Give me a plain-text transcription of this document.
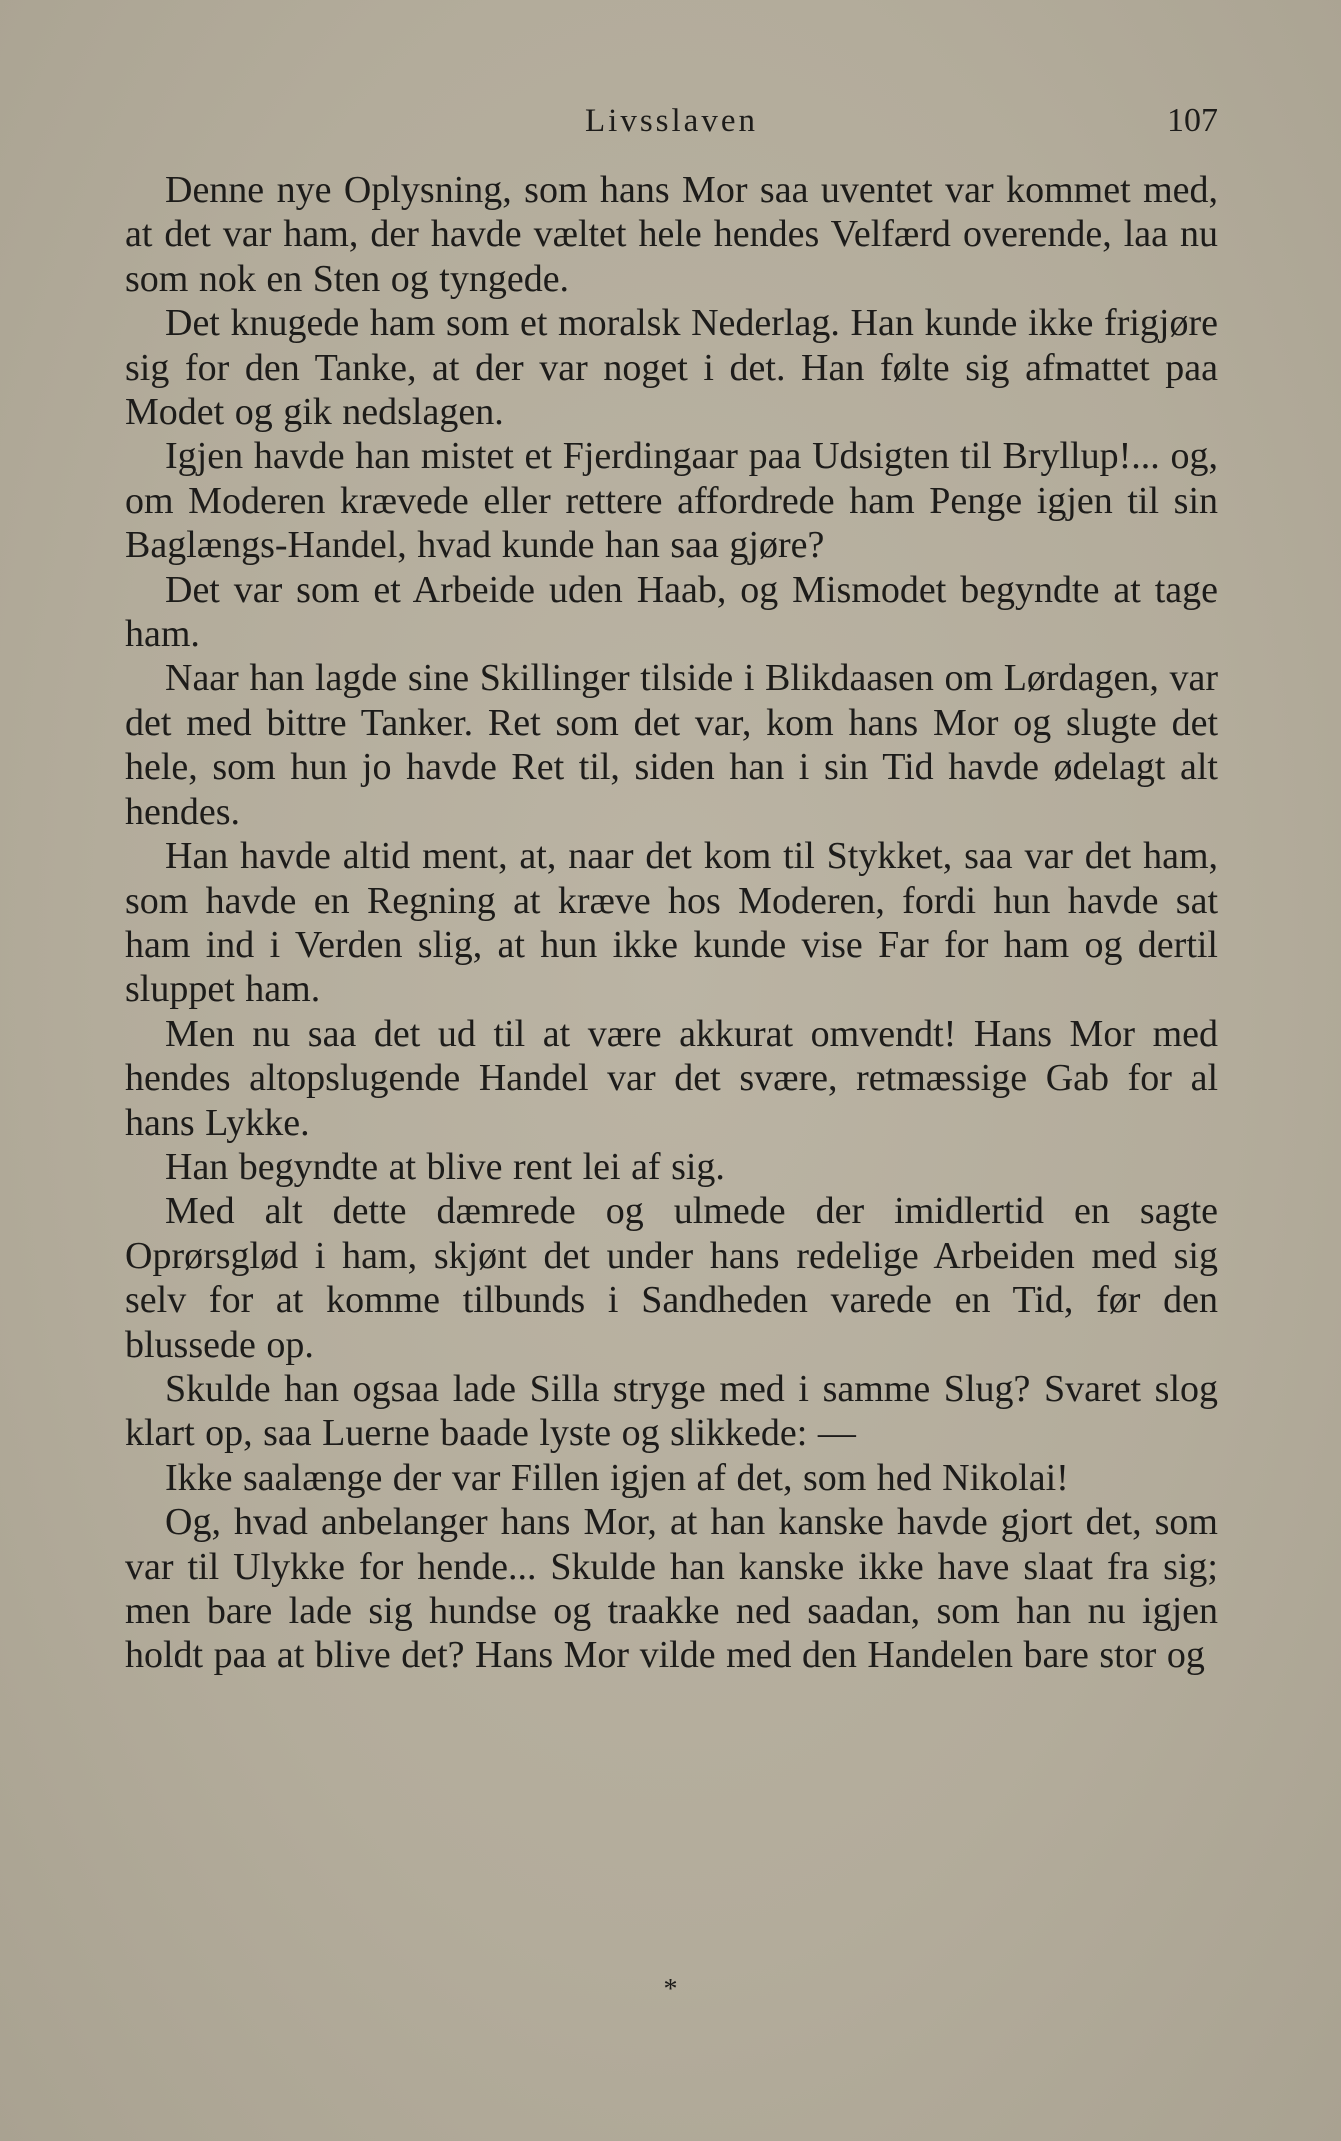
Livsslaven	107

Denne nye Oplysning, som hans Mor saa uventet var kommet med, at det var ham, der havde væltet hele hendes Velfærd overende, laa nu som nok en Sten og tyngede.

Det knugede ham som et moralsk Nederlag. Han kunde ikke frigjøre sig for den Tanke, at der var noget i det. Han følte sig afmattet paa Modet og gik nedslagen.

Igjen havde han mistet et Fjerdingaar paa Udsigten til Bryllup!... og, om Moderen krævede eller rettere affordrede ham Penge igjen til sin Baglængs-Handel, hvad kunde han saa gjøre?

Det var som et Arbeide uden Haab, og Mismodet begyndte at tage ham.

Naar han lagde sine Skillinger tilside i Blikdaasen om Lørdagen, var det med bittre Tanker. Ret som det var, kom hans Mor og slugte det hele, som hun jo havde Ret til, siden han i sin Tid havde ødelagt alt hendes.

Han havde altid ment, at, naar det kom til Stykket, saa var det ham, som havde en Regning at kræve hos Moderen, fordi hun havde sat ham ind i Verden slig, at hun ikke kunde vise Far for ham og dertil sluppet ham.

Men nu saa det ud til at være akkurat omvendt! Hans Mor med hendes altopslugende Handel var det svære, retmæssige Gab for al hans Lykke.

Han begyndte at blive rent lei af sig.

Med alt dette dæmrede og ulmede der imidlertid en sagte Oprørsglød i ham, skjønt det under hans redelige Arbeiden med sig selv for at komme tilbunds i Sandheden varede en Tid, før den blussede op.

Skulde han ogsaa lade Silla stryge med i samme Slug? Svaret slog klart op, saa Luerne baade lyste og slikkede: —

Ikke saalænge der var Fillen igjen af det, som hed Nikolai!

Og, hvad anbelanger hans Mor, at han kanske havde gjort det, som var til Ulykke for hende... Skulde han kanske ikke have slaat fra sig; men bare lade sig hundse og traakke ned saadan, som han nu igjen holdt paa at blive det? Hans Mor vilde med den Handelen bare stor og

*
